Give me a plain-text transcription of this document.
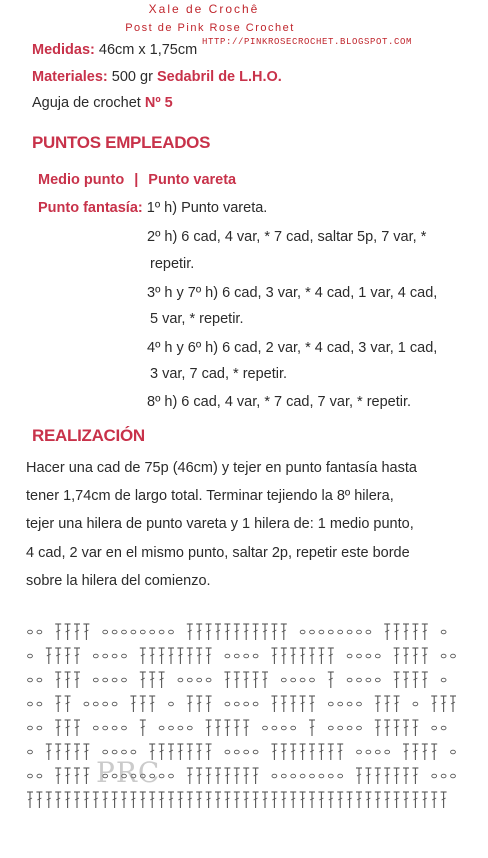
Xale de Crochê
Post de Pink Rose Crochet
HTTP://PINKROSECROCHET.BLOGSPOT.COM
Medidas: 46cm x 1,75cm
Materiales: 500 gr Sedabril de L.H.O.
Aguja de crochet Nº 5
PUNTOS EMPLEADOS
Medio punto | Punto vareta
Punto fantasía: 1º h) Punto vareta.
2º h) 6 cad, 4 var, * 7 cad, saltar 5p, 7 var, *
repetir.
3º h y 7º h) 6 cad, 3 var, * 4 cad, 1 var, 4 cad,
5 var, * repetir.
4º h y 6º h) 6 cad, 2 var, * 4 cad, 3 var, 1 cad,
3 var, 7 cad, * repetir.
8º h) 6 cad, 4 var, * 7 cad, 7 var, * repetir.
REALIZACIÓN
Hacer una cad de 75p (46cm) y tejer en punto fantasía hasta
tener 1,74cm de largo total. Terminar tejiendo la 8º hilera,
tejer una hilera de punto vareta y 1 hilera de: 1 medio punto,
4 cad, 2 var en el mismo punto, saltar 2p, repetir este borde
sobre la hilera del comienzo.
PRC
